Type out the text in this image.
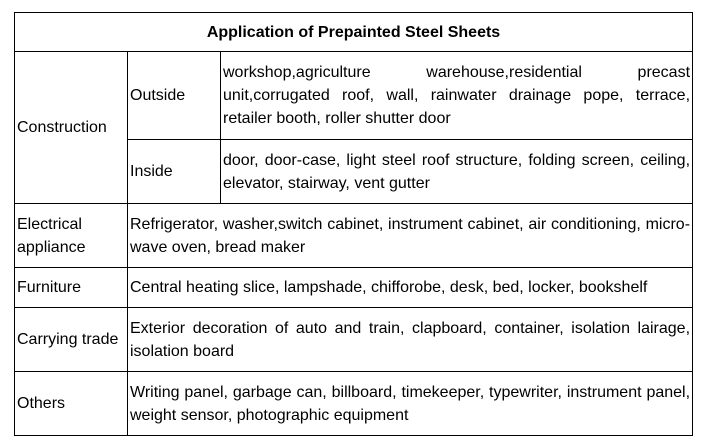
Application of Prepainted Steel Sheets		
Construction	Outside	workshop,agriculture warehouse,residential precast unit,corrugated roof, wall, rainwater drainage pope, terrace, retailer booth, roller shutter door
	Inside	door, door-case, light steel roof structure, folding screen, ceiling, elevator, stairway, vent gutter
Electrical appliance	Refrigerator, washer,switch cabinet, instrument cabinet, air conditioning, micro-wave oven, bread maker	
Furniture	Central heating slice, lampshade, chifforobe, desk, bed, locker, bookshelf	
Carrying trade	Exterior decoration of auto and train, clapboard, container, isolation lairage, isolation board	
Others	Writing panel, garbage can, billboard, timekeeper, typewriter, instrument panel, weight sensor, photographic equipment	
